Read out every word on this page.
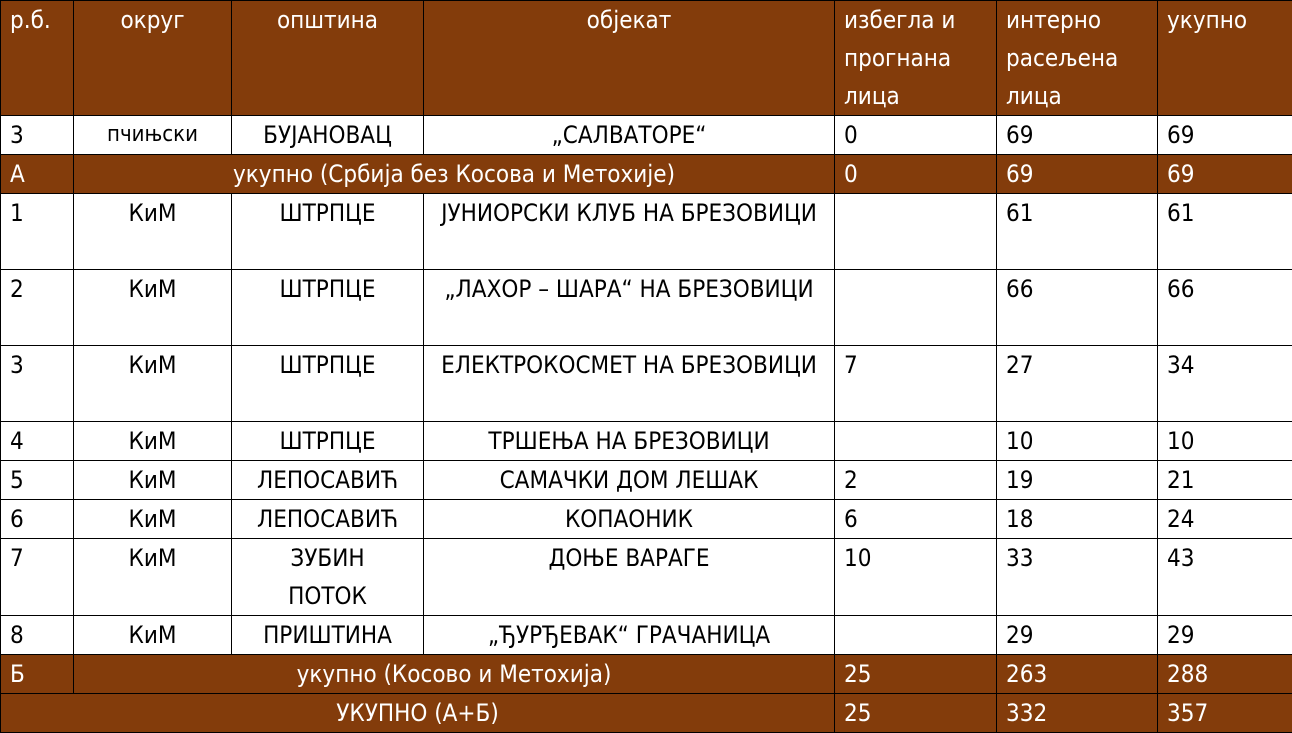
р.б.	округ	општина	објекат	избегла и прогнана лица	интерно расељена лица	укупно
3	пчињски	БУЈАНОВАЦ	„САЛВАТОРЕ“	0	69	69
А	укупно (Србија без Косова и Метохије)			0	69	69
1	КиМ	ШТРПЦЕ	ЈУНИОРСКИ КЛУБ НА БРЕЗОВИЦИ		61	61
2	КиМ	ШТРПЦЕ	„ЛАХОР – ШАРА“ НА БРЕЗОВИЦИ		66	66
3	КиМ	ШТРПЦЕ	ЕЛЕКТРОКОСМЕТ НА БРЕЗОВИЦИ	7	27	34
4	КиМ	ШТРПЦЕ	ТРШЕЊА НА БРЕЗОВИЦИ		10	10
5	КиМ	ЛЕПОСАВИЋ	САМАЧКИ ДОМ ЛЕШАК	2	19	21
6	КиМ	ЛЕПОСАВИЋ	КОПАОНИК	6	18	24
7	КиМ	ЗУБИН ПОТОК	ДОЊЕ ВАРАГЕ	10	33	43
8	КиМ	ПРИШТИНА	„ЂУРЂЕВАК“ ГРАЧАНИЦА		29	29
Б	укупно (Косово и Метохија)			25	263	288
УКУПНО (А+Б)				25	332	357
